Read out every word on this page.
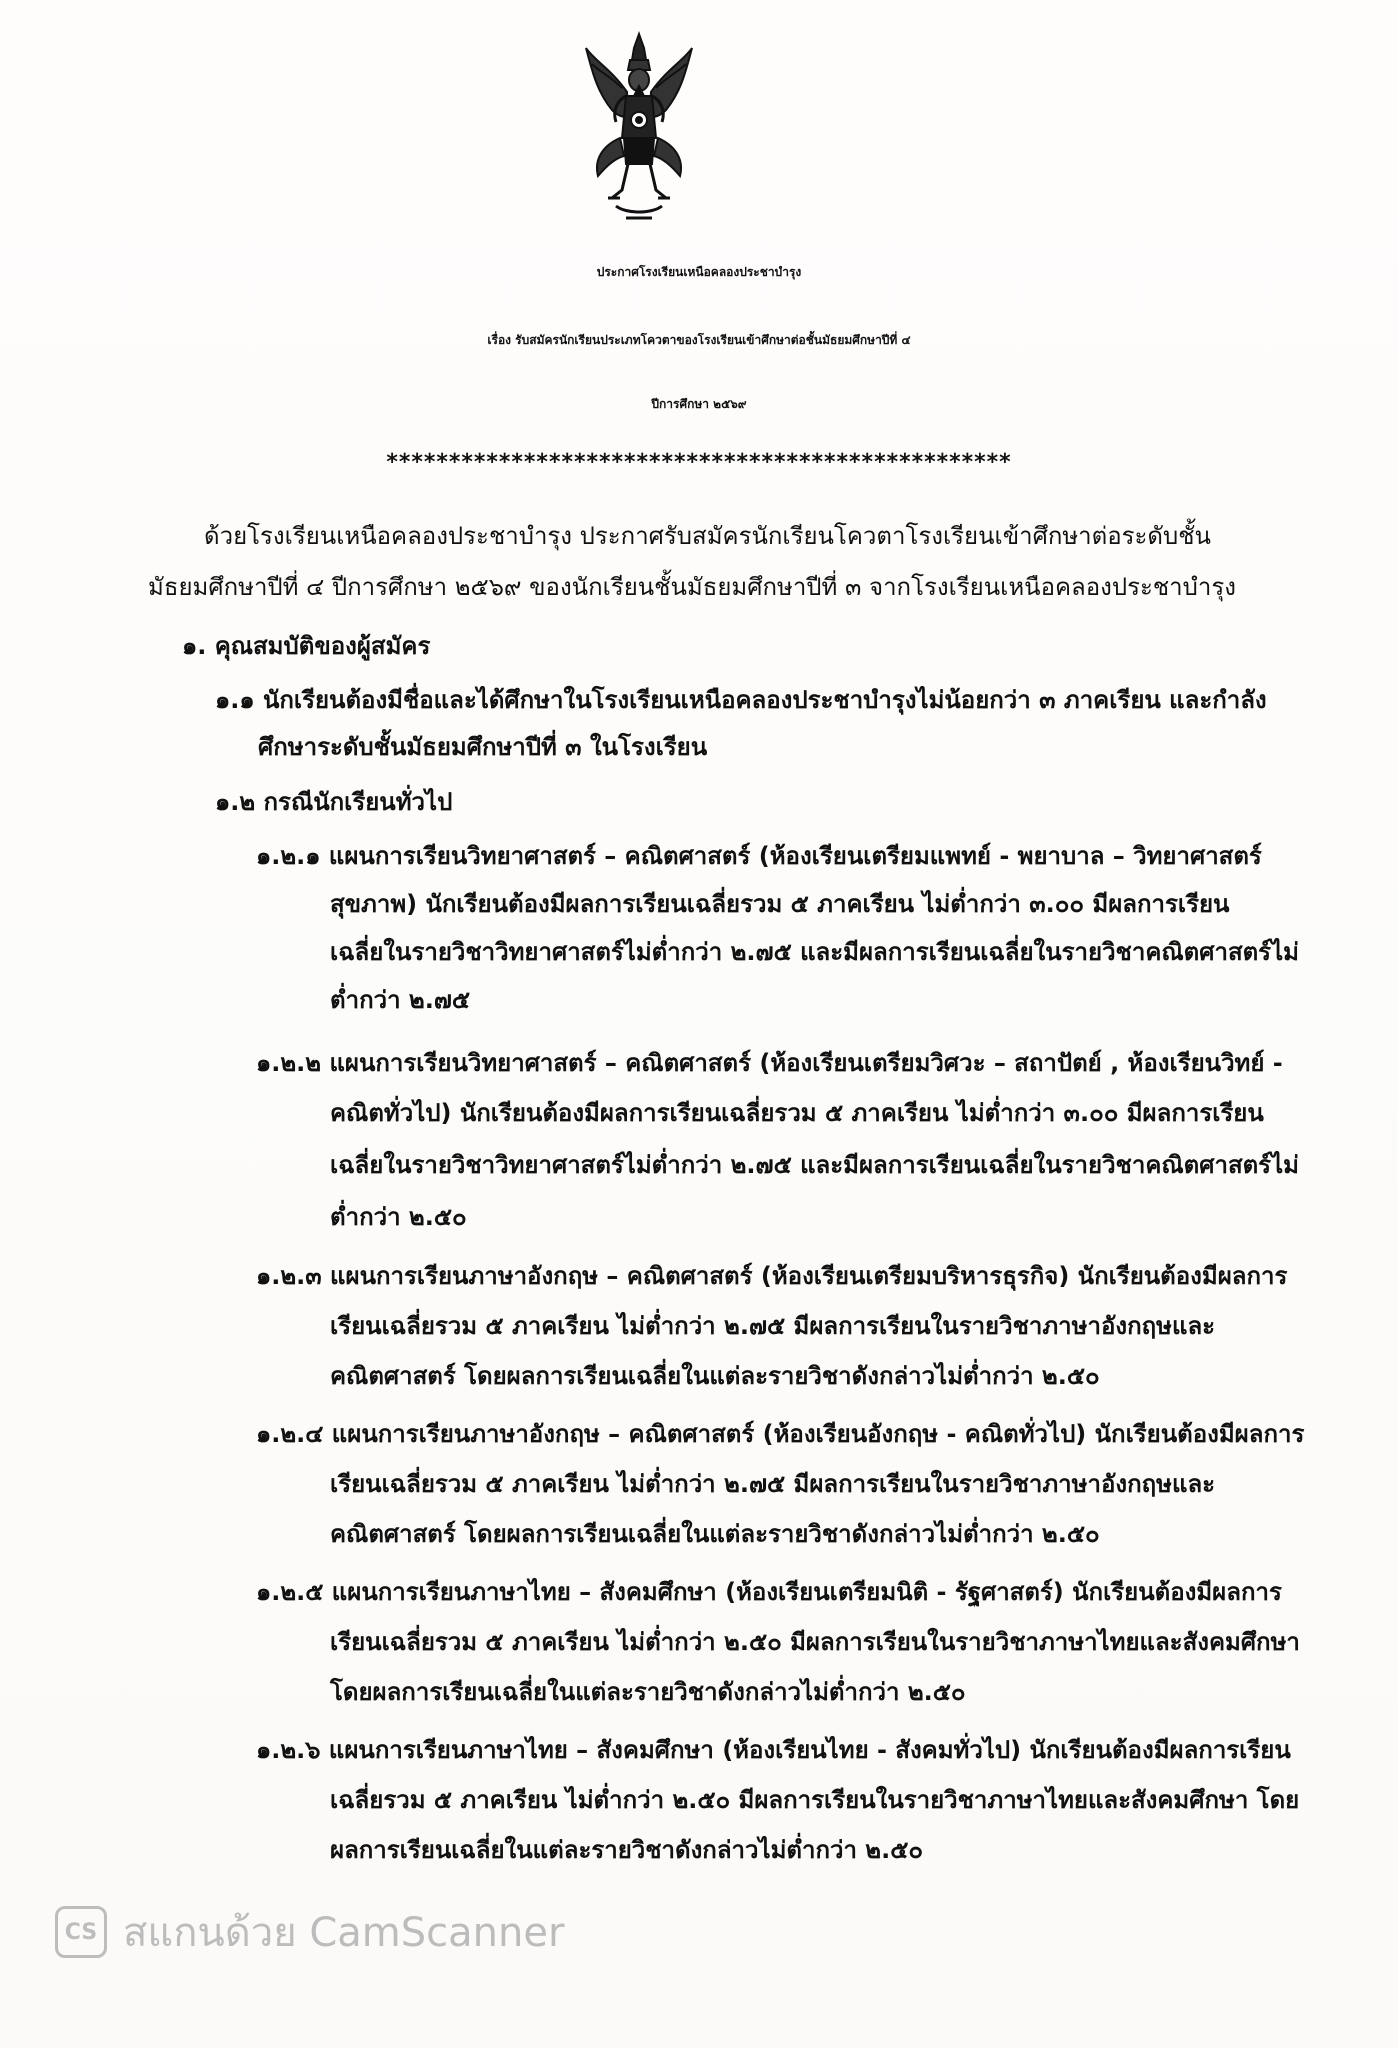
ประกาศโรงเรียนเหนือคลองประชาบำรุง
เรื่อง รับสมัครนักเรียนประเภทโควตาของโรงเรียนเข้าศึกษาต่อชั้นมัธยมศึกษาปีที่ ๔
ปีการศึกษา ๒๕๖๙
**************************************************
ด้วยโรงเรียนเหนือคลองประชาบำรุง ประกาศรับสมัครนักเรียนโควตาโรงเรียนเข้าศึกษาต่อระดับชั้น
มัธยมศึกษาปีที่ ๔ ปีการศึกษา ๒๕๖๙ ของนักเรียนชั้นมัธยมศึกษาปีที่ ๓ จากโรงเรียนเหนือคลองประชาบำรุง
๑. คุณสมบัติของผู้สมัคร
๑.๑ นักเรียนต้องมีชื่อและได้ศึกษาในโรงเรียนเหนือคลองประชาบำรุงไม่น้อยกว่า ๓ ภาคเรียน และกำลัง
ศึกษาระดับชั้นมัธยมศึกษาปีที่ ๓ ในโรงเรียน
๑.๒ กรณีนักเรียนทั่วไป
๑.๒.๑ แผนการเรียนวิทยาศาสตร์ – คณิตศาสตร์ (ห้องเรียนเตรียมแพทย์ - พยาบาล – วิทยาศาสตร์
สุขภาพ) นักเรียนต้องมีผลการเรียนเฉลี่ยรวม ๕ ภาคเรียน ไม่ต่ำกว่า ๓.๐๐ มีผลการเรียน
เฉลี่ยในรายวิชาวิทยาศาสตร์ไม่ต่ำกว่า ๒.๗๕ และมีผลการเรียนเฉลี่ยในรายวิชาคณิตศาสตร์ไม่
ต่ำกว่า ๒.๗๕
๑.๒.๒ แผนการเรียนวิทยาศาสตร์ – คณิตศาสตร์ (ห้องเรียนเตรียมวิศวะ – สถาปัตย์ , ห้องเรียนวิทย์ -
คณิตทั่วไป) นักเรียนต้องมีผลการเรียนเฉลี่ยรวม ๕ ภาคเรียน ไม่ต่ำกว่า ๓.๐๐ มีผลการเรียน
เฉลี่ยในรายวิชาวิทยาศาสตร์ไม่ต่ำกว่า ๒.๗๕ และมีผลการเรียนเฉลี่ยในรายวิชาคณิตศาสตร์ไม่
ต่ำกว่า ๒.๕๐
๑.๒.๓ แผนการเรียนภาษาอังกฤษ – คณิตศาสตร์ (ห้องเรียนเตรียมบริหารธุรกิจ) นักเรียนต้องมีผลการ
เรียนเฉลี่ยรวม ๕ ภาคเรียน ไม่ต่ำกว่า ๒.๗๕ มีผลการเรียนในรายวิชาภาษาอังกฤษและ
คณิตศาสตร์ โดยผลการเรียนเฉลี่ยในแต่ละรายวิชาดังกล่าวไม่ต่ำกว่า ๒.๕๐
๑.๒.๔ แผนการเรียนภาษาอังกฤษ – คณิตศาสตร์ (ห้องเรียนอังกฤษ - คณิตทั่วไป) นักเรียนต้องมีผลการ
เรียนเฉลี่ยรวม ๕ ภาคเรียน ไม่ต่ำกว่า ๒.๗๕ มีผลการเรียนในรายวิชาภาษาอังกฤษและ
คณิตศาสตร์ โดยผลการเรียนเฉลี่ยในแต่ละรายวิชาดังกล่าวไม่ต่ำกว่า ๒.๕๐
๑.๒.๕ แผนการเรียนภาษาไทย – สังคมศึกษา (ห้องเรียนเตรียมนิติ - รัฐศาสตร์) นักเรียนต้องมีผลการ
เรียนเฉลี่ยรวม ๕ ภาคเรียน ไม่ต่ำกว่า ๒.๕๐ มีผลการเรียนในรายวิชาภาษาไทยและสังคมศึกษา
โดยผลการเรียนเฉลี่ยในแต่ละรายวิชาดังกล่าวไม่ต่ำกว่า ๒.๕๐
๑.๒.๖ แผนการเรียนภาษาไทย – สังคมศึกษา (ห้องเรียนไทย - สังคมทั่วไป) นักเรียนต้องมีผลการเรียน
เฉลี่ยรวม ๕ ภาคเรียน ไม่ต่ำกว่า ๒.๕๐ มีผลการเรียนในรายวิชาภาษาไทยและสังคมศึกษา โดย
ผลการเรียนเฉลี่ยในแต่ละรายวิชาดังกล่าวไม่ต่ำกว่า ๒.๕๐
CS สแกนด้วย CamScanner
